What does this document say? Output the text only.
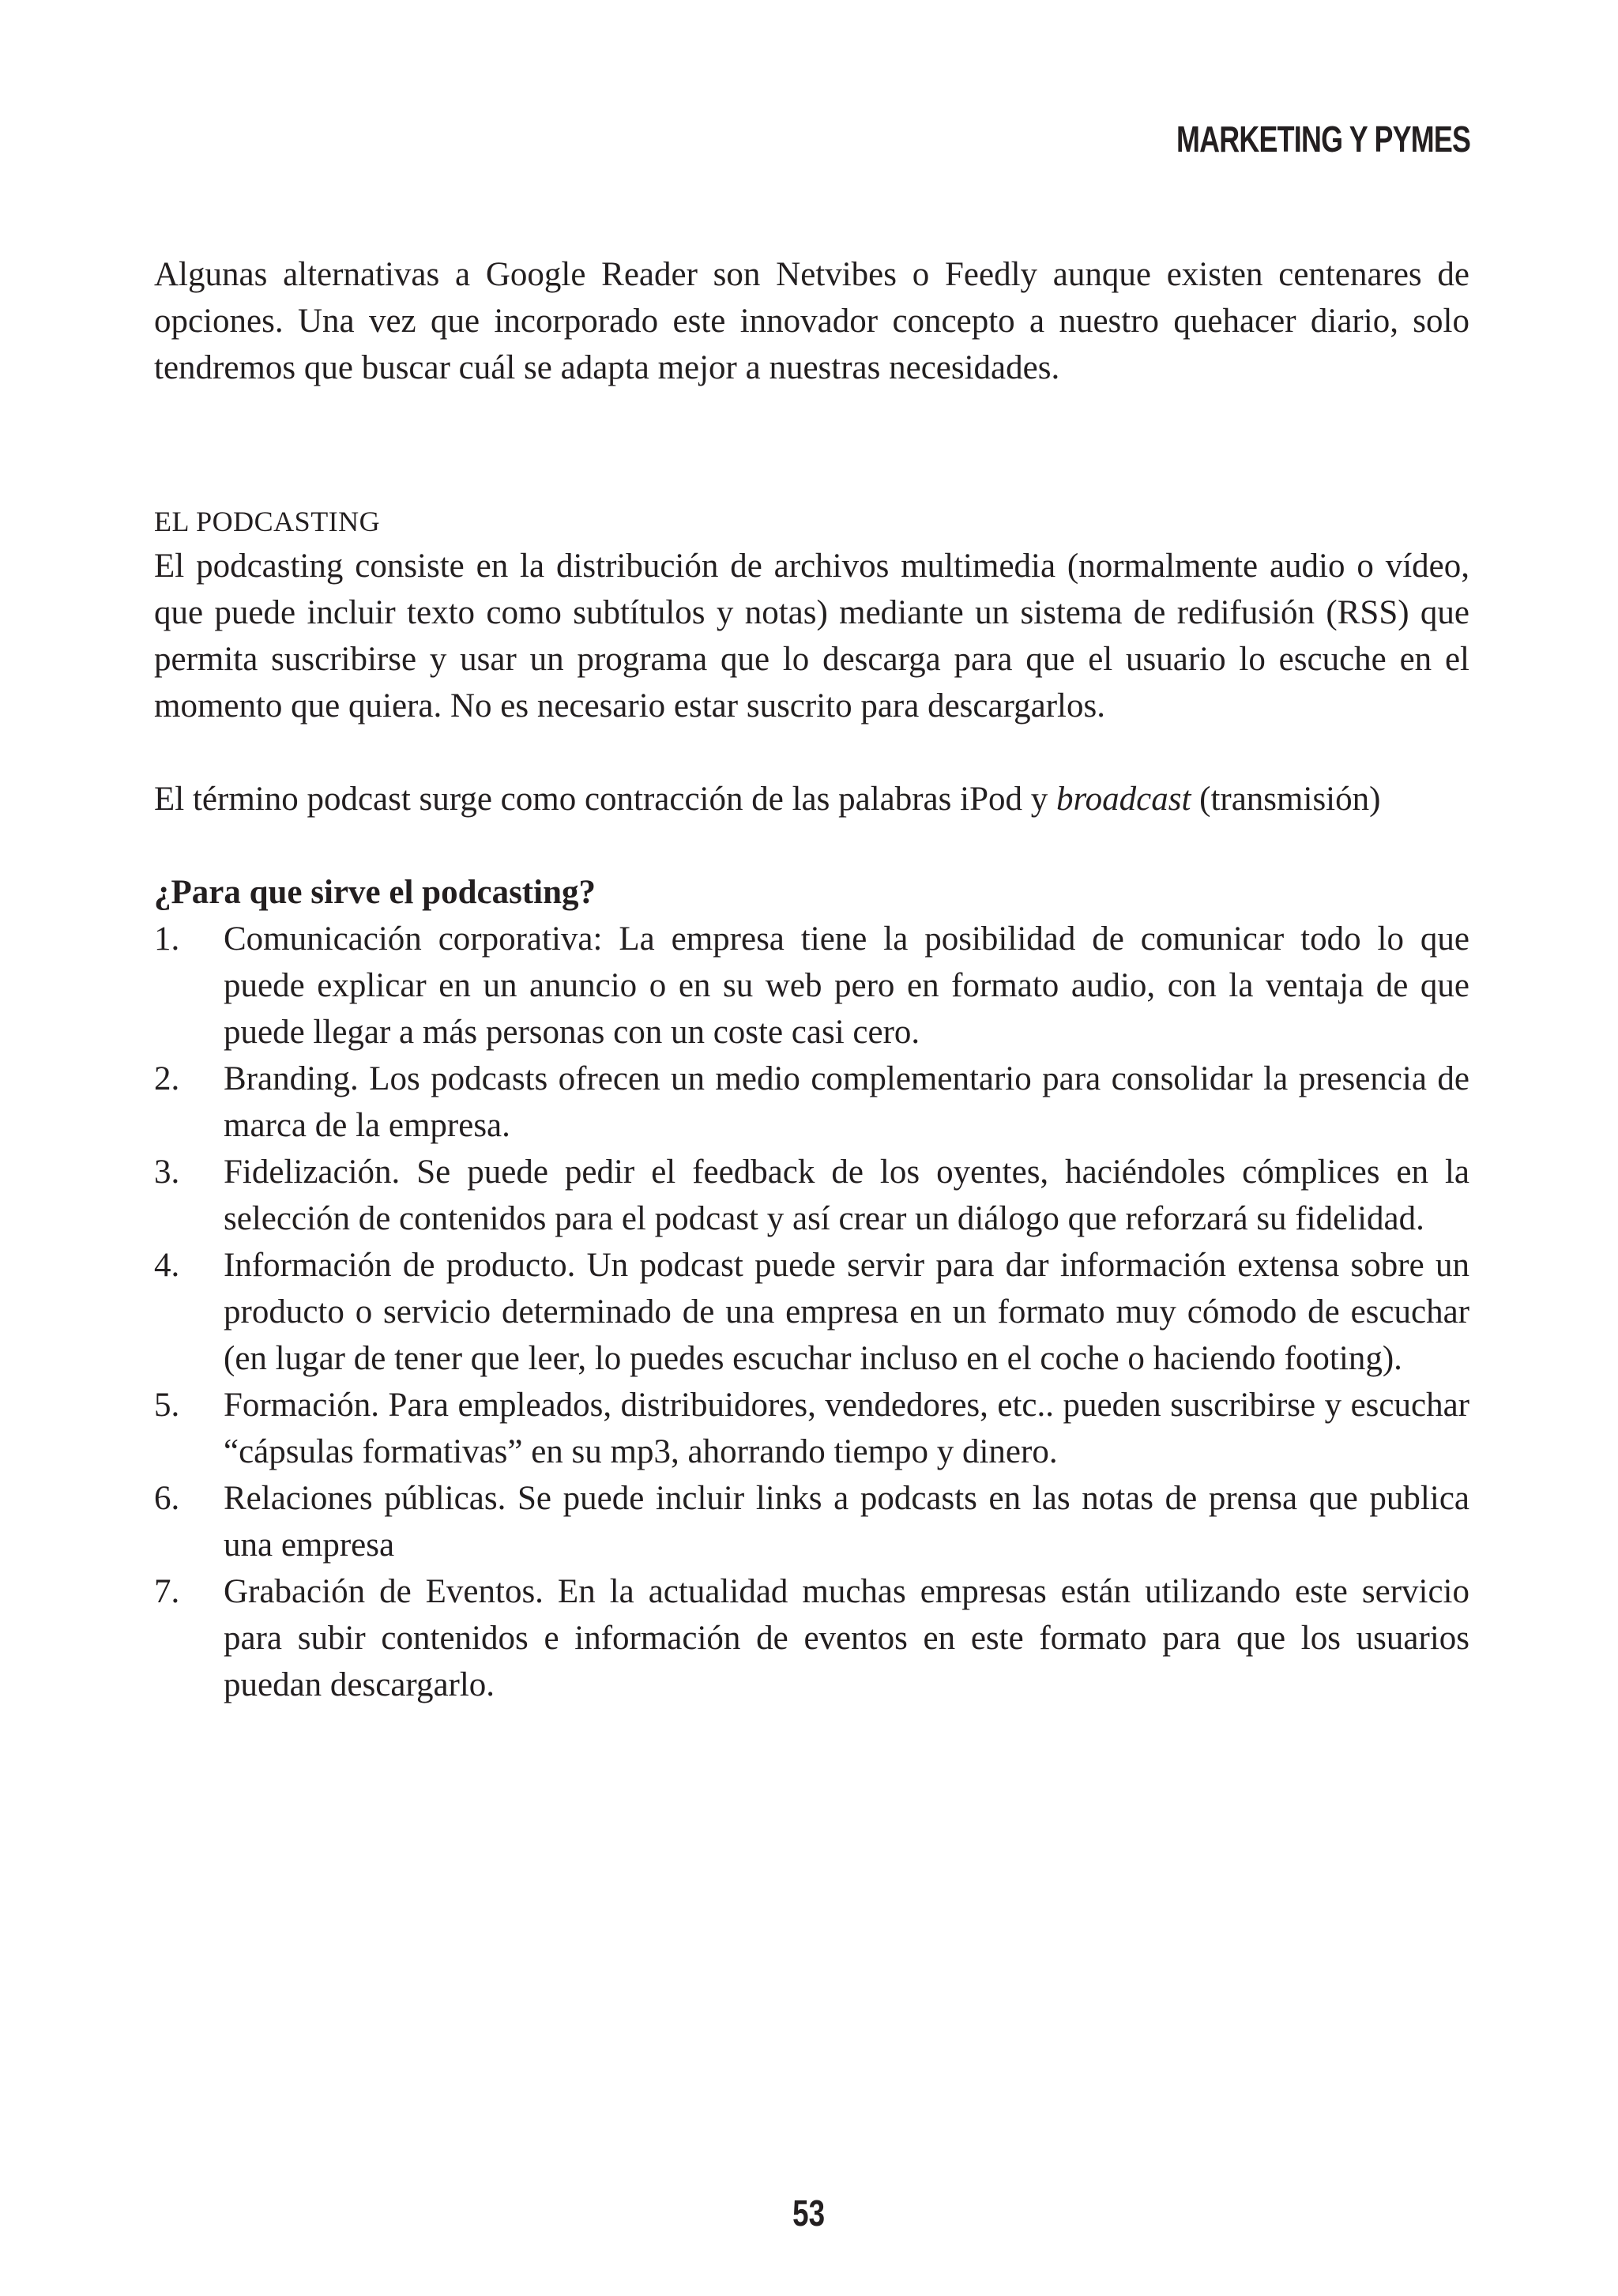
MARKETING Y PYMES

Algunas alternativas a Google Reader son Netvibes o Feedly aunque existen centenares de opciones. Una vez que incorporado este innovador concepto a nuestro quehacer diario, solo tendremos que buscar cuál se adapta mejor a nuestras necesidades.

EL PODCASTING

El podcasting consiste en la distribución de archivos multimedia (normalmente audio o vídeo, que puede incluir texto como subtítulos y notas) mediante un sistema de redifusión (RSS) que permita suscribirse y usar un programa que lo descarga para que el usuario lo escuche en el momento que quiera. No es necesario estar suscrito para descargarlos.

El término podcast surge como contracción de las palabras iPod y broadcast (transmisión)

¿Para que sirve el podcasting?

1. Comunicación corporativa: La empresa tiene la posibilidad de comunicar todo lo que puede explicar en un anuncio o en su web pero en formato audio, con la ventaja de que puede llegar a más personas con un coste casi cero.
2. Branding. Los podcasts ofrecen un medio complementario para consolidar la presencia de marca de la empresa.
3. Fidelización. Se puede pedir el feedback de los oyentes, haciéndoles cómplices en la selección de contenidos para el podcast y así crear un diálogo que reforzará su fidelidad.
4. Información de producto. Un podcast puede servir para dar información extensa sobre un producto o servicio determinado de una empresa en un formato muy cómodo de escuchar (en lugar de tener que leer, lo puedes escuchar incluso en el coche o haciendo footing).
5. Formación. Para empleados, distribuidores, vendedores, etc.. pueden suscribirse y escuchar “cápsulas formativas” en su mp3, ahorrando tiempo y dinero.
6. Relaciones públicas. Se puede incluir links a podcasts en las notas de prensa que publica una empresa
7. Grabación de Eventos. En la actualidad muchas empresas están utilizando este servicio para subir contenidos e información de eventos en este formato para que los usuarios puedan descargarlo.
53
